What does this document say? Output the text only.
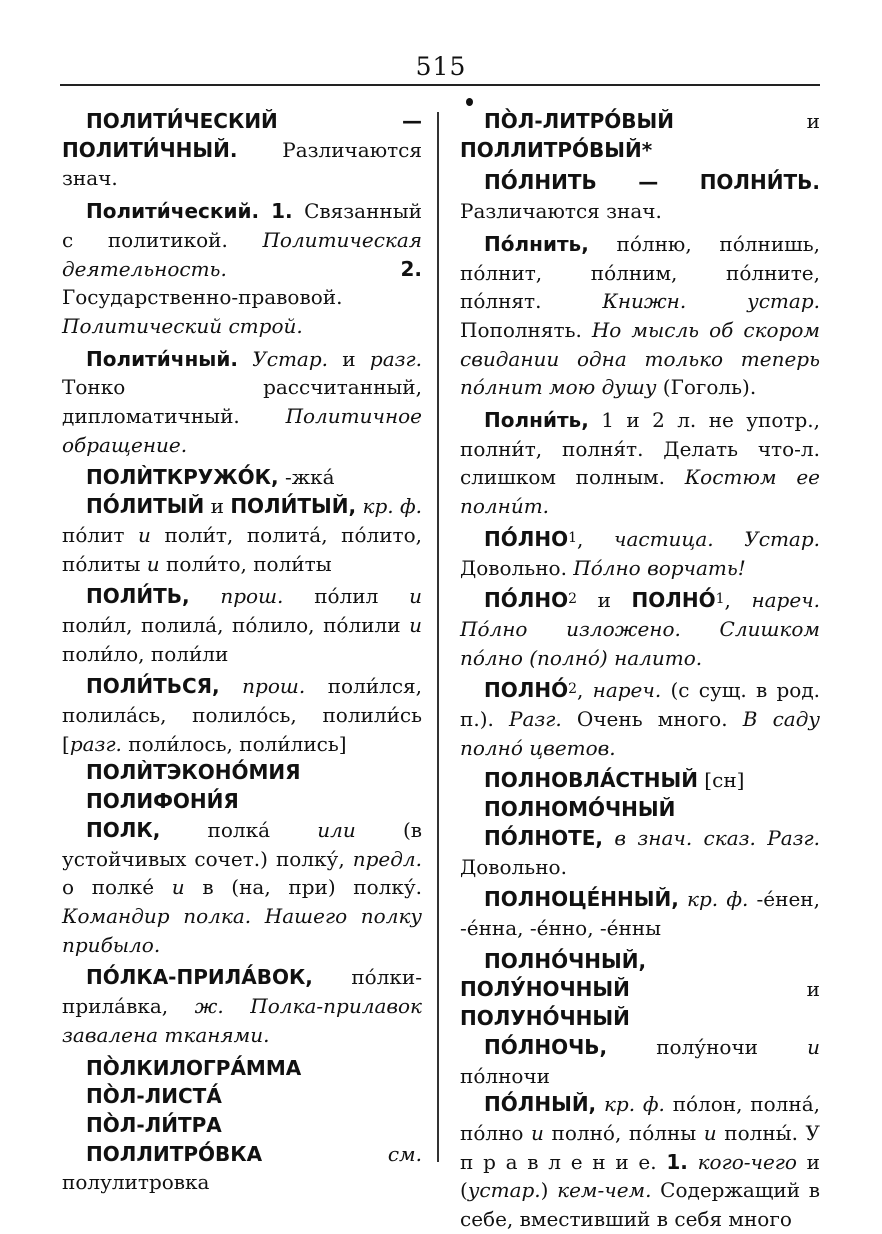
515

ПОЛИТИ́ЧЕСКИЙ — ПОЛИТИ́ЧНЫЙ. Различаются знач.

Полити́ческий. 1. Связанный с политикой. Политическая деятельность.	2. Государственно-правовой. Политический строй.

Полити́чный. Устар. и разг. Тонко рассчитанный, дипломатичный. Политичное обращение.

ПОЛЍТКРУЖО́К, -жка́

ПО́ЛИТЫЙ и ПОЛИ́ТЫЙ, кр. ф. по́лит и поли́т, полита́, по́лито, по́литы и поли́то, поли́ты

ПОЛИ́ТЬ, прош. по́лил и поли́л, полила́, по́лило, по́лили и поли́ло, поли́ли

ПОЛИ́ТЬСЯ, прош. поли́лся, полила́сь, полило́сь, полили́сь [разг. поли́лось, поли́лись]

ПОЛЍТЭКОНО́МИЯ

ПОЛИФОНИ́Я

ПОЛК, полка́ или (в устойчивых сочет.) полку́, предл. о полке́ и в (на, при) полку́. Командир полка. Нашего полку прибыло.

ПО́ЛКА-ПРИЛА́ВОК, по́лки-прила́вка, ж. Полка-прилавок завалена тканями.

ПО̀ЛКИЛОГРА́ММА

ПО̀Л-ЛИСТА́

ПО̀Л-ЛИ́ТРА

ПОЛЛИТРО́ВКА	см. полулитровка

ПО̀Л-ЛИТРО́ВЫЙ и ПОЛЛИТРО́ВЫЙ*

ПО́ЛНИТЬ — ПОЛНИ́ТЬ. Различаются знач.

По́лнить, по́лню, по́лнишь, по́лнит, по́лним, по́лните, по́лнят. Книжн. устар. Пополнять. Но мысль об скором свидании одна только теперь по́лнит мою душу (Гоголь).

Полни́ть, 1 и 2 л. не употр., полни́т, полня́т. Делать что-л. слишком полным. Костюм ее полни́т.

ПО́ЛНО$^1$, частица. Устар. Довольно. По́лно ворчать!

ПО́ЛНО$^2$ и ПОЛНО́$^1$, нареч. По́лно изложено. Слишком по́лно (полно́) налито.

ПОЛНО́$^2$, нареч. (с сущ. в род. п.). Разг. Очень много. В саду полно́ цветов.

ПОЛНОВЛА́СТНЫЙ [сн]

ПОЛНОМО́ЧНЫЙ

ПО́ЛНОТЕ, в знач. сказ. Разг. Довольно.

ПОЛНОЦЕ́ННЫЙ, кр. ф. -е́нен, -е́нна, -е́нно, -е́нны

ПОЛНО́ЧНЫЙ, ПОЛУ́НОЧНЫЙ и ПОЛУНО́ЧНЫЙ

ПО́ЛНОЧЬ, полу́ночи и по́лночи

ПО́ЛНЫЙ, кр. ф. по́лон, полна́, по́лно и полно́, по́лны и полны́. У п р а в л е н и е. 1. кого-чего и (устар.) кем-чем. Содержащий в себе, вместивший в себя много
